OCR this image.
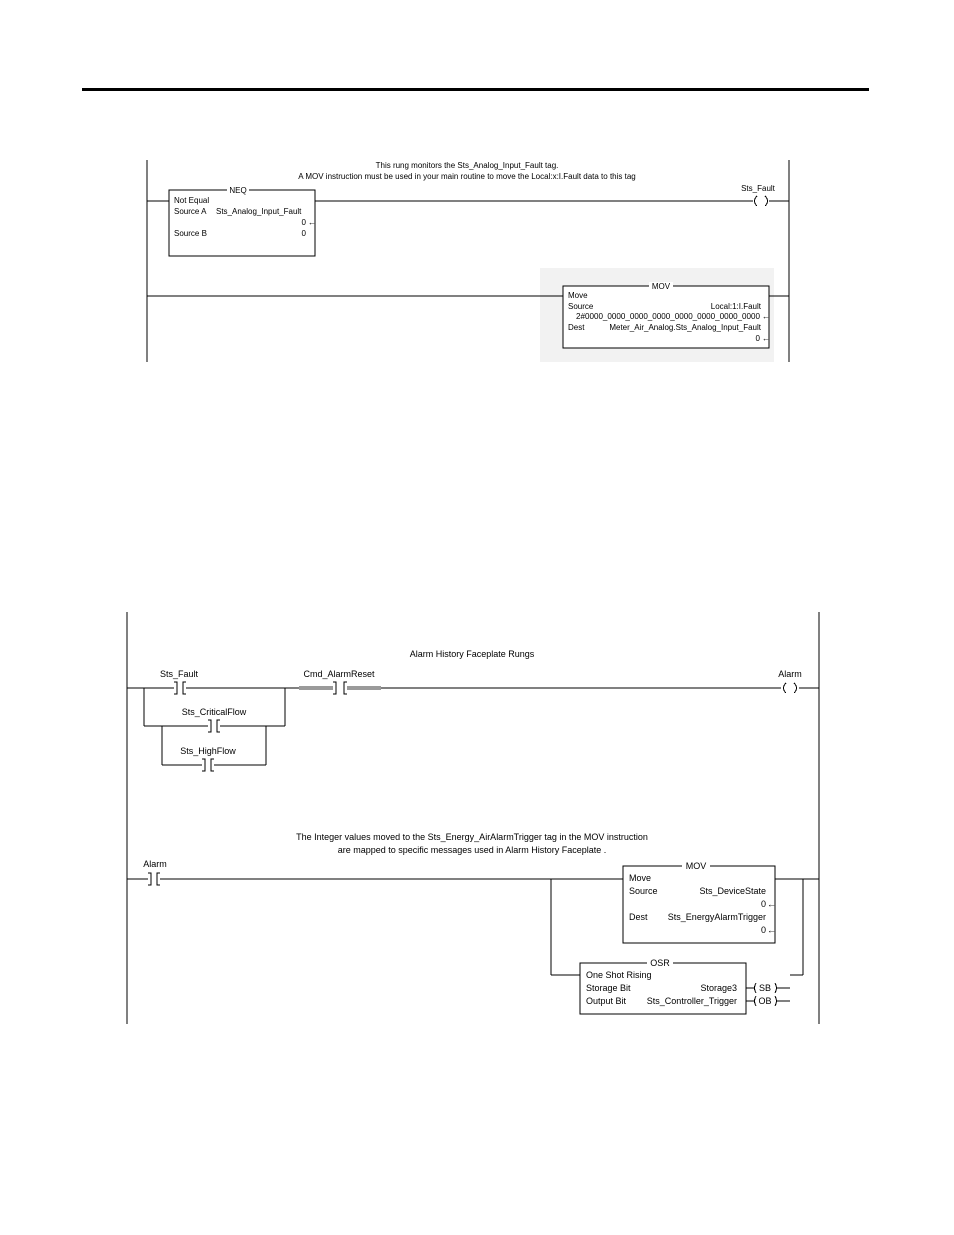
This rung monitors the Sts_Analog_Input_Fault tag.
A MOV instruction must be used in your main routine to move the Local:x:I.Fault data to this tag
NEQ
Not Equal
Source A Sts_Analog_Input_Fault
0 ←
Source B	0
Sts_Fault
MOV
Move
Source	Local:1:I.Fault
2#0000_0000_0000_0000_0000_0000_0000_0000 ←
Dest	Meter_Air_Analog.Sts_Analog_Input_Fault
0 ←
Alarm History Faceplate Rungs
Sts_Fault
Sts_CriticalFlow
Sts_HighFlow
Cmd_AlarmReset	Alarm
The Integer values moved to the Sts_Energy_AirAlarmTrigger tag in the MOV instruction
are mapped to specific messages used in Alarm History Faceplate .
Alarm	MOV
Move
Source	Sts_DeviceState
0 ←
Dest Sts_EnergyAlarmTrigger
0 ←
OSR
One Shot Rising
Storage Bit	Storage3
Output Bit Sts_Controller_Trigger
SB
OB
